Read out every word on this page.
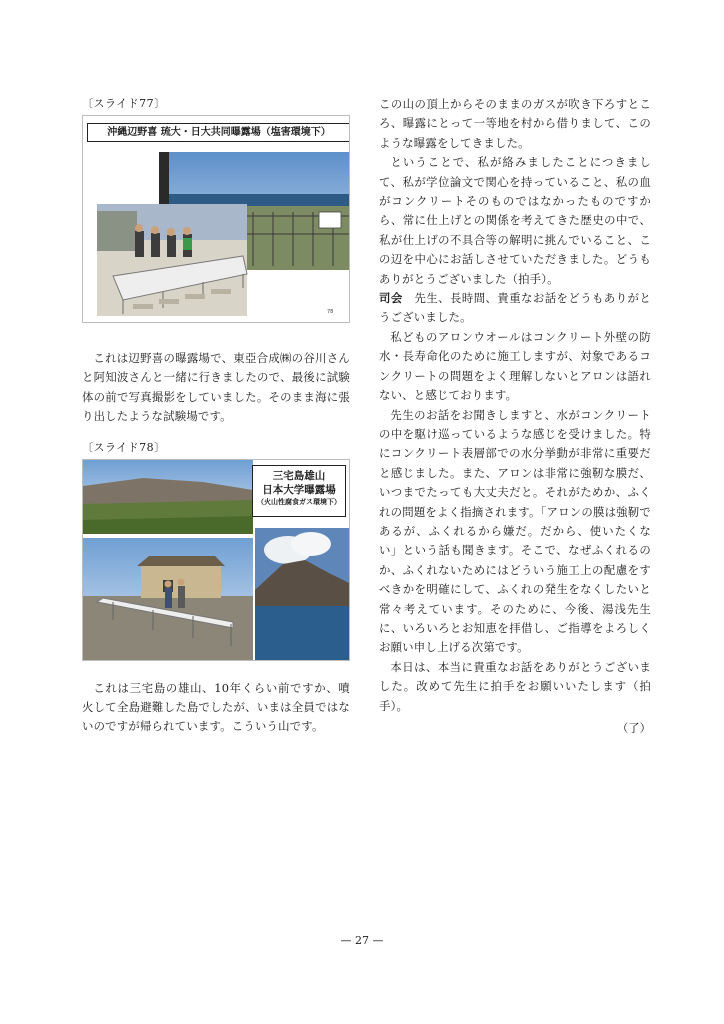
〔スライド77〕
78
沖縄辺野喜 琉大・日大共同曝露場（塩害環境下）

これは辺野喜の曝露場で、東亞合成㈱の谷川さんと阿知波さんと一緒に行きましたので、最後に試験体の前で写真撮影をしていました。そのまま海に張り出したような試験場です。

〔スライド78〕
三宅島雄山
日本大学曝露場
（火山性腐食ガス環境下）

これは三宅島の雄山、10年くらい前ですか、噴火して全島避難した島でしたが、いまは全員ではないのですが帰られています。こういう山です。

この山の頂上からそのままのガスが吹き下ろすところ、曝露にとって一等地を村から借りまして、このような曝露をしてきました。

ということで、私が絡みましたことにつきまして、私が学位論文で関心を持っていること、私の血がコンクリートそのものではなかったものですから、常に仕上げとの関係を考えてきた歴史の中で、私が仕上げの不具合等の解明に挑んでいること、この辺を中心にお話しさせていただきました。どうもありがとうございました（拍手）。

司会　 先生、長時間、貴重なお話をどうもありがとうございました。

私どものアロンウオールはコンクリート外壁の防水・長寿命化のために施工しますが、対象であるコンクリートの問題をよく理解しないとアロンは語れない、と感じております。

先生のお話をお聞きしますと、水がコンクリートの中を駆け巡っているような感じを受けました。特にコンクリート表層部での水分挙動が非常に重要だと感じました。また、アロンは非常に強靭な膜だ、いつまでたっても大丈夫だと。それがためか、ふくれの問題をよく指摘されます。「アロンの膜は強靭であるが、ふくれるから嫌だ。だから、使いたくない」という話も聞きます。そこで、なぜふくれるのか、ふくれないためにはどういう施工上の配慮をすべきかを明確にして、ふくれの発生をなくしたいと常々考えています。そのために、今後、湯浅先生に、いろいろとお知恵を拝借し、ご指導をよろしくお願い申し上げる次第です。

本日は、本当に貴重なお話をありがとうございました。改めて先生に拍手をお願いいたします（拍手）。

（了）
— 27 —
